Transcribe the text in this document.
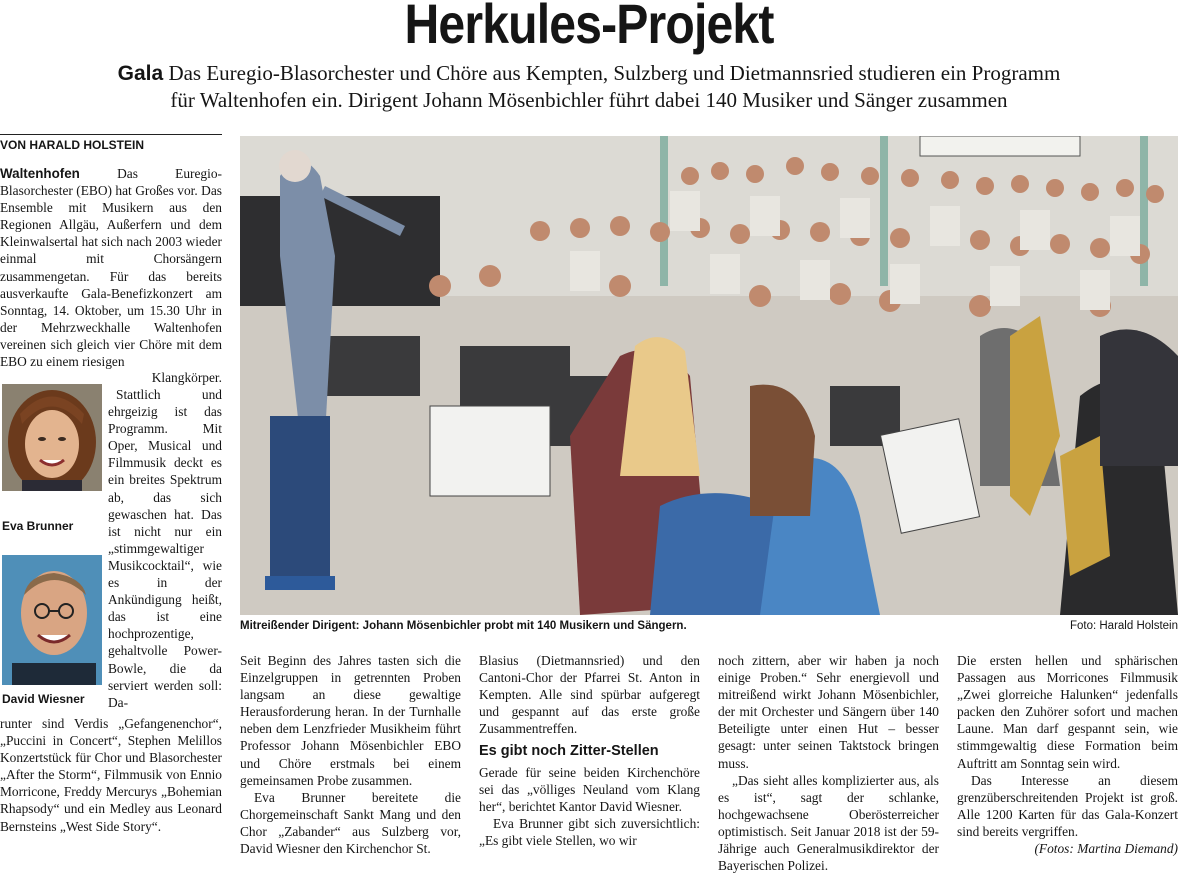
Herkules-Projekt
Gala Das Euregio-Blasorchester und Chöre aus Kempten, Sulzberg und Dietmannsried studieren ein Programm
für Waltenhofen ein. Dirigent Johann Mösenbichler führt dabei 140 Musiker und Sänger zusammen
VON HARALD HOLSTEIN

Waltenhofen	Das Euregio-Blasorchester (EBO) hat Großes vor. Das Ensemble mit Musikern aus den Regionen Allgäu, Außerfern und dem Kleinwalsertal hat sich nach 2003 wieder einmal mit Chorsängern zusammengetan. Für das bereits ausverkaufte Gala-Benefizkonzert am Sonntag, 14. Oktober, um 15.30 Uhr in der Mehrzweckhalle Waltenhofen vereinen sich gleich vier Chöre mit dem EBO zu einem riesigen

Klangkörper.
Eva Brunner
David Wiesner

Stattlich und ehrgeizig ist das Programm. Mit Oper, Musical und Filmmusik deckt es ein breites Spektrum ab, das sich gewaschen hat. Das ist nicht nur ein „stimmgewaltiger Musikcocktail“, wie es in der Ankündigung heißt, das ist eine hochprozentige, gehaltvolle Power-Bowle, die da serviert werden soll: Da-

runter sind Verdis „Gefangenenchor“, „Puccini in Concert“, Stephen Melillos Konzertstück für Chor und Blasorchester „After the Storm“, Filmmusik von Ennio Morricone, Freddy Mercurys „Bohemian Rhapsody“ und ein Medley aus Leonard Bernsteins „West Side Story“.

Mitreißender Dirigent: Johann Mösenbichler probt mit 140 Musikern und Sängern.	Foto: Harald Holstein

Seit Beginn des Jahres tasten sich die Einzelgruppen in getrennten Proben langsam an diese gewaltige Herausforderung heran. In der Turnhalle neben dem Lenzfrieder Musikheim führt Professor Johann Mösenbichler EBO und Chöre erstmals bei einem gemeinsamen Probe zusammen.

Eva Brunner bereitete die Chorgemeinschaft Sankt Mang und den Chor „Zabander“ aus Sulzberg vor, David Wiesner den Kirchenchor St.

Blasius (Dietmannsried) und den Cantoni-Chor der Pfarrei St. Anton in Kempten. Alle sind spürbar aufgeregt und gespannt auf das erste große Zusammentreffen.

Es gibt noch Zitter-Stellen

Gerade für seine beiden Kirchenchöre sei das „völliges Neuland vom Klang her“, berichtet Kantor David Wiesner.

Eva Brunner gibt sich zuversichtlich: „Es gibt viele Stellen, wo wir

noch zittern, aber wir haben ja noch einige Proben.“ Sehr energievoll und mitreißend wirkt Johann Mösenbichler, der mit Orchester und Sängern über 140 Beteiligte unter einen Hut – besser gesagt: unter seinen Taktstock bringen muss.

„Das sieht alles komplizierter aus, als es ist“, sagt der schlanke, hochgewachsene Oberösterreicher optimistisch. Seit Januar 2018 ist der 59-Jährige auch Generalmusikdirektor der Bayerischen Polizei.

Die ersten hellen und sphärischen Passagen aus Morricones Filmmusik „Zwei glorreiche Halunken“ jedenfalls packen den Zuhörer sofort und machen Laune. Man darf gespannt sein, wie stimmgewaltig diese Formation beim Auftritt am Sonntag sein wird.

Das Interesse an diesem grenzüberschreitenden Projekt ist groß. Alle 1200 Karten für das Gala-Konzert sind bereits vergriffen.

(Fotos: Martina Diemand)
